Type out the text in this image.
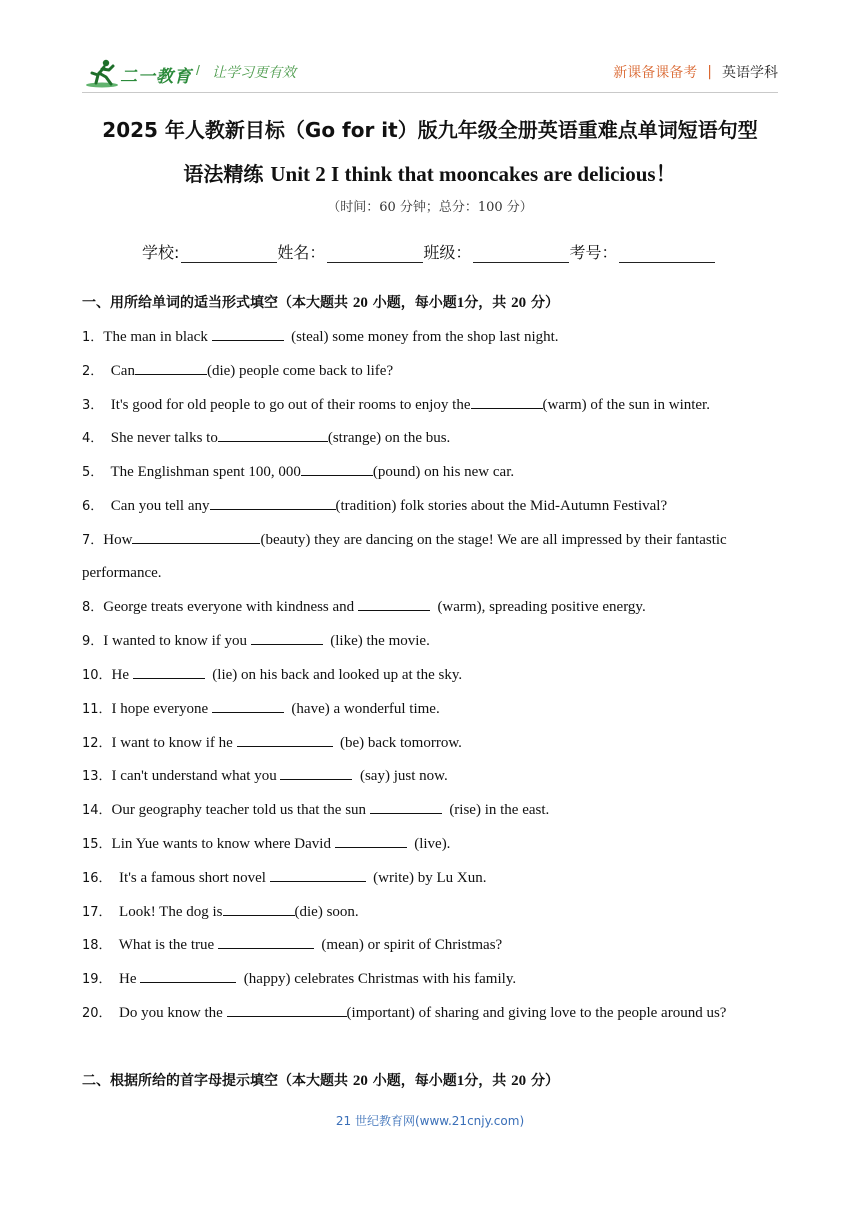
二一教育 / 让学习更有效	新课备课备考 | 英语学科
2025 年人教新目标（Go for it）版九年级全册英语重难点单词短语句型
语法精练 Unit 2 I think that mooncakes are delicious！
（时间：60 分钟；总分：100 分）
学校:	姓名：	班级：	考号：
一、用所给单词的适当形式填空（本大题共 20 小题，每小题1分，共 20 分）
1．The man in black	(steal) some money from the shop last night.
2．  Can	(die) people come back to life?
3．  It's good for old people to go out of their rooms to enjoy the	(warm) of the sun in winter.
4．  She never talks to	(strange) on the bus.
5．  The Englishman spent 100, 000	(pound) on his new car.
6．  Can you tell any	(tradition) folk stories about the Mid-Autumn Festival?
7．How	(beauty) they are dancing on the stage! We are all impressed by their fantastic
performance.
8．George treats everyone with kindness and	(warm), spreading positive energy.
9．I wanted to know if you	(like) the movie.
10．He	(lie) on his back and looked up at the sky.
11．I hope everyone	(have) a wonderful time.
12．I want to know if he	(be) back tomorrow.
13．I can't understand what you	(say) just now.
14．Our geography teacher told us that the sun	(rise) in the east.
15．Lin Yue wants to know where David	(live).
16．  It's a famous short novel	(write) by Lu Xun.
17．  Look! The dog is	(die) soon.
18．  What is the true	(mean) or spirit of Christmas?
19．  He	(happy) celebrates Christmas with his family.
20．  Do you know the	(important) of sharing and giving love to the people around us?
二、根据所给的首字母提示填空（本大题共 20 小题，每小题1分，共 20 分）
21 世纪教育网(www.21cnjy.com)
